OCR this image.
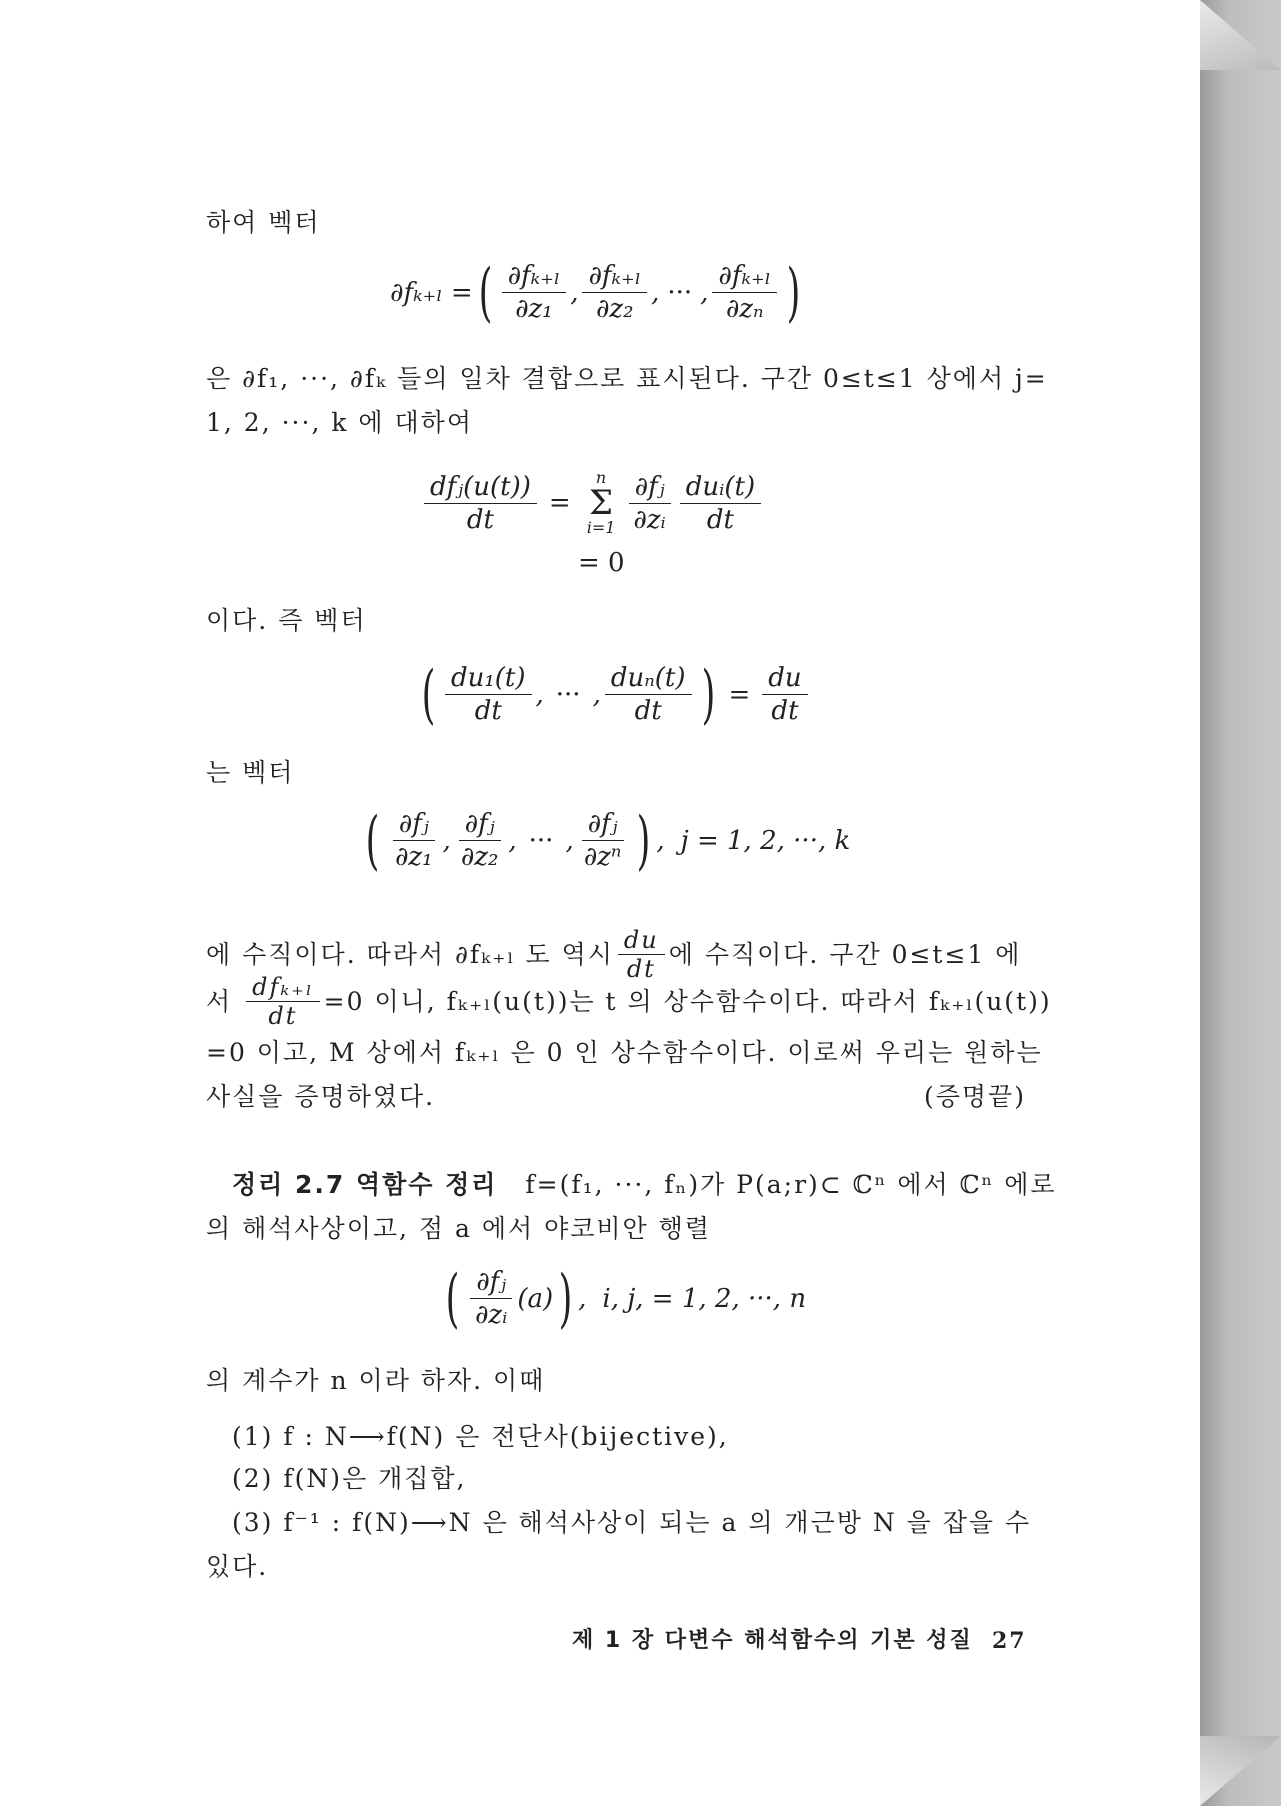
하여 벡터
∂fₖ₊ₗ = ( $\frac{\text{∂fₖ₊ₗ}}{\text{∂z₁}}$ , $\frac{\text{∂fₖ₊ₗ}}{\text{∂z₂}}$ , ··· , $\frac{\text{∂fₖ₊ₗ}}{\text{∂zₙ}}$ )
은 ∂f₁, ···, ∂fₖ 들의 일차 결합으로 표시된다. 구간 0≤t≤1 상에서 j=
1, 2, ···, k 에 대하여
$\frac{\text{dfⱼ(u(t))}}{dt}$ =
n
Σ
$i=1 \frac{\text{∂fⱼ}}{\text{∂zᵢ}} \frac{\text{duᵢ(t)}}{dt}$
= 0
이다. 즉 벡터
( $\frac{\text{du₁(t)}}{dt}$ , ··· , $\frac{\text{duₙ(t)}}{dt}$ ) = $\frac{du}{dt}$
는 벡터
( $\frac{\text{∂fⱼ}}{\text{∂z₁}}$ , $\frac{\text{∂fⱼ}}{\text{∂z₂}}$ , ··· , $\frac{\text{∂fⱼ}}{\text{∂zⁿ}}$ ) , j = 1, 2, ···, k
에 수직이다. 따라서 ∂fₖ₊ₗ 도 역시 $\frac{du}{dt}$ 에 수직이다. 구간 0≤t≤1 에
서 $\frac{\text{dfₖ₊ₗ}}{dt} =0$ 이니, fₖ₊ₗ(u(t))는 t 의 상수함수이다. 따라서 fₖ₊ₗ(u(t))
=0 이고, M 상에서 fₖ₊ₗ 은 0 인 상수함수이다. 이로써 우리는 원하는
사실을 증명하였다.	(증명끝)
정리 2.7 역함수 정리 f=(f₁, ···, fₙ)가 P(a;r)⊂ ℂⁿ 에서 ℂⁿ 에로
의 해석사상이고, 점 a 에서 야코비안 행렬
( $\frac{\text{∂fⱼ}}{\text{∂zᵢ}} (a)$ ) , i, j, = 1, 2, ···, n
의 계수가 n 이라 하자. 이때
(1) f : N⟶f(N) 은 전단사(bijective),
(2) f(N)은 개집합,
(3) f⁻¹ : f(N)⟶N 은 해석사상이 되는 a 의 개근방 N 을 잡을 수
있다.
제 1 장 다변수 해석함수의 기본 성질 27
